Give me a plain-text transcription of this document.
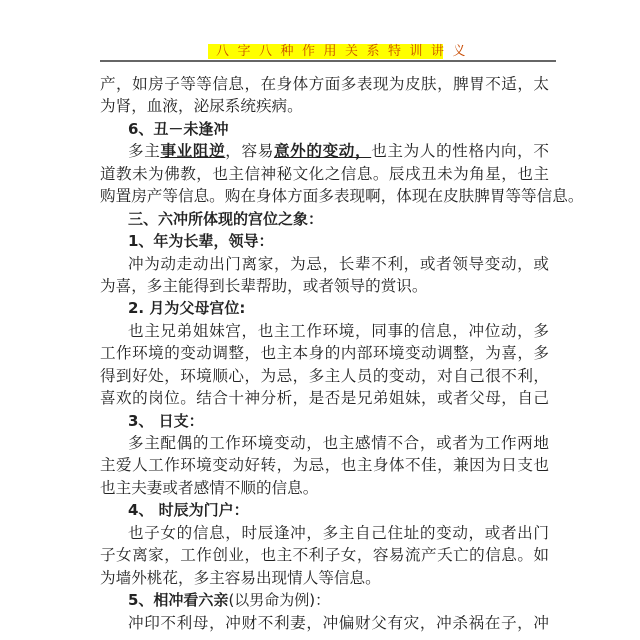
八字八种作用关系特训讲义
产，如房子等等信息，在身体方面多表现为皮肤，脾胃不适，太
为肾，血液，泌尿系统疾病。
6、丑－未逢冲
多主事业阻逆，容易意外的变动，也主为人的性格内向，不
道教未为佛教，也主信神秘文化之信息。辰戌丑未为角星，也主
购置房产等信息。购在身体方面多表现啊，体现在皮肤脾胃等等信息。
三、六冲所体现的宫位之象：
1、年为长辈，领导：
冲为动走动出门离家，为忌，长辈不利，或者领导变动，或
为喜，多主能得到长辈帮助，或者领导的赏识。
2. 月为父母宫位:
也主兄弟姐妹宫，也主工作环境，同事的信息，冲位动，多
工作环境的变动调整，也主本身的内部环境变动调整，为喜，多
得到好处，环境顺心，为忌，多主人员的变动，对自己很不利，
喜欢的岗位。结合十神分析，是否是兄弟姐妹，或者父母，自己
3、 日支：
多主配偶的工作环境变动，也主感情不合，或者为工作两地
主爱人工作环境变动好转，为忌，也主身体不佳，兼因为日支也
也主夫妻或者感情不顺的信息。
4、 时辰为门户：
也子女的信息，时辰逢冲，多主自己住址的变动，或者出门
子女离家，工作创业，也主不利子女，容易流产夭亡的信息。如
为墙外桃花，多主容易出现情人等信息。
5、相冲看六亲(以男命为例)：
冲印不利母，冲财不利妻，冲偏财父有灾，冲杀祸在子，冲
